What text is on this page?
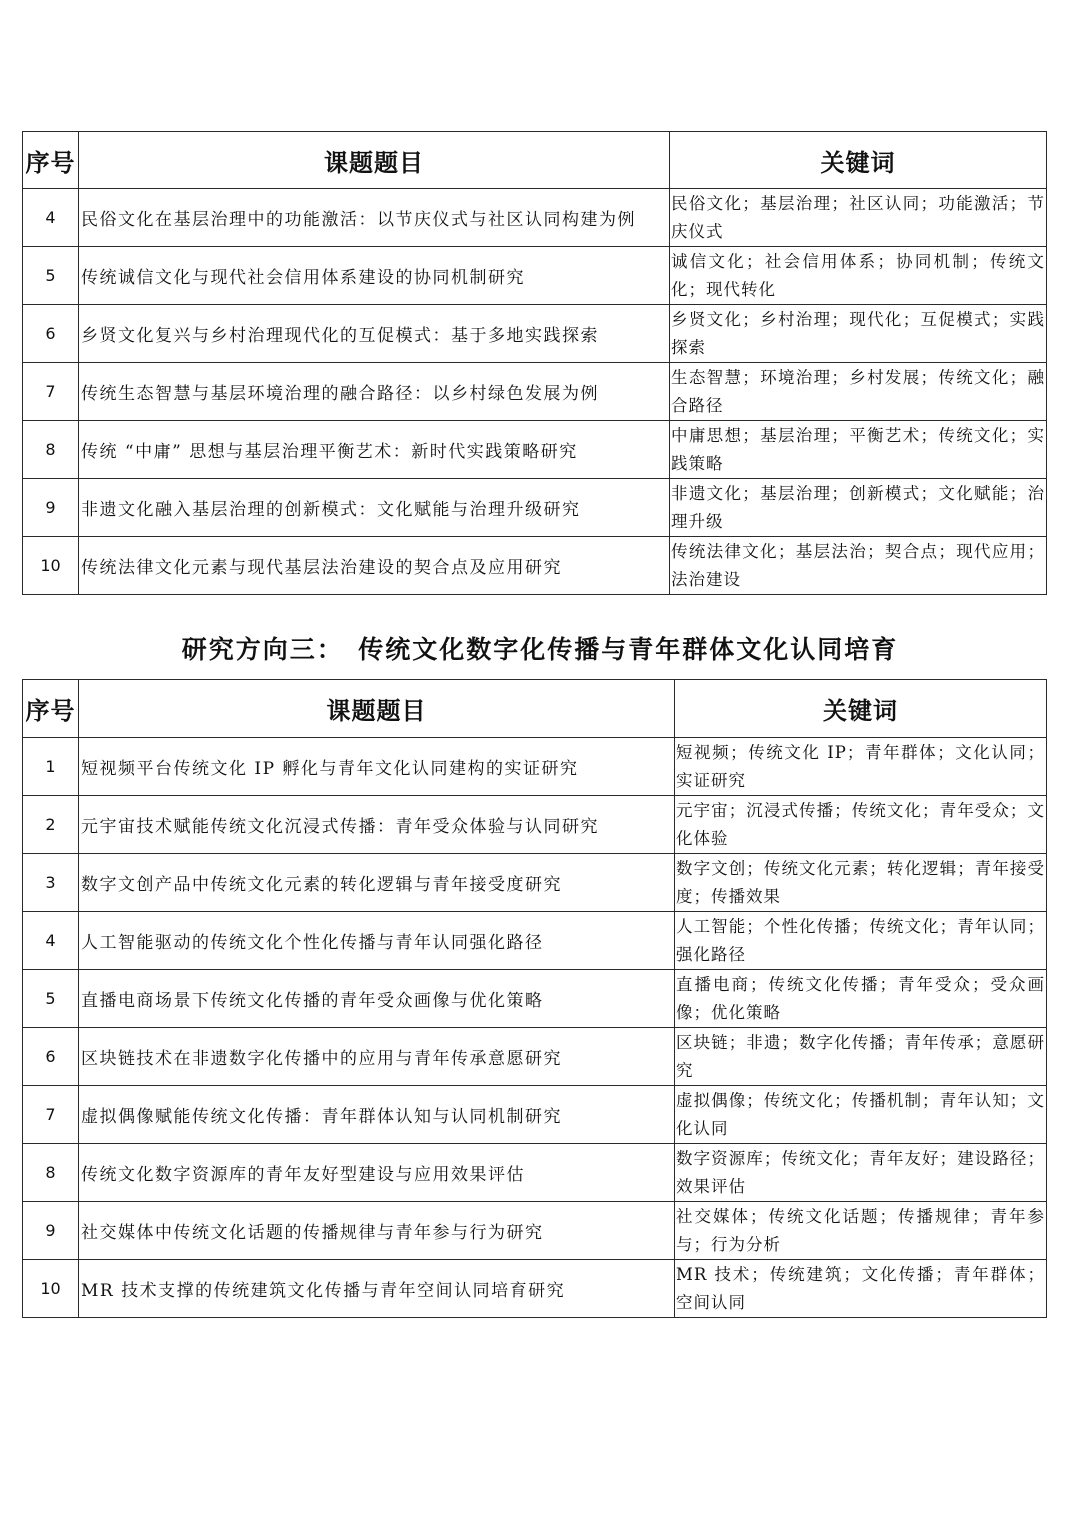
序号	课题题目	关键词
4	民俗文化在基层治理中的功能激活：以节庆仪式与社区认同构建为例	民俗文化；基层治理；社区认同；功能激活；节庆仪式
5	传统诚信文化与现代社会信用体系建设的协同机制研究	诚信文化；社会信用体系；协同机制；传统文化；现代转化
6	乡贤文化复兴与乡村治理现代化的互促模式：基于多地实践探索	乡贤文化；乡村治理；现代化；互促模式；实践探索
7	传统生态智慧与基层环境治理的融合路径：以乡村绿色发展为例	生态智慧；环境治理；乡村发展；传统文化；融合路径
8	传统 “中庸” 思想与基层治理平衡艺术：新时代实践策略研究	中庸思想；基层治理；平衡艺术；传统文化；实践策略
9	非遗文化融入基层治理的创新模式：文化赋能与治理升级研究	非遗文化；基层治理；创新模式；文化赋能；治理升级
10	传统法律文化元素与现代基层法治建设的契合点及应用研究	传统法律文化；基层法治；契合点；现代应用；法治建设
研究方向三：　传统文化数字化传播与青年群体文化认同培育
序号	课题题目	关键词
1	短视频平台传统文化 IP 孵化与青年文化认同建构的实证研究	短视频；传统文化 IP；青年群体；文化认同；实证研究
2	元宇宙技术赋能传统文化沉浸式传播：青年受众体验与认同研究	元宇宙；沉浸式传播；传统文化；青年受众；文化体验
3	数字文创产品中传统文化元素的转化逻辑与青年接受度研究	数字文创；传统文化元素；转化逻辑；青年接受度；传播效果
4	人工智能驱动的传统文化个性化传播与青年认同强化路径	人工智能；个性化传播；传统文化；青年认同；强化路径
5	直播电商场景下传统文化传播的青年受众画像与优化策略	直播电商；传统文化传播；青年受众；受众画像；优化策略
6	区块链技术在非遗数字化传播中的应用与青年传承意愿研究	区块链；非遗；数字化传播；青年传承；意愿研究
7	虚拟偶像赋能传统文化传播：青年群体认知与认同机制研究	虚拟偶像；传统文化；传播机制；青年认知；文化认同
8	传统文化数字资源库的青年友好型建设与应用效果评估	数字资源库；传统文化；青年友好；建设路径；效果评估
9	社交媒体中传统文化话题的传播规律与青年参与行为研究	社交媒体；传统文化话题；传播规律；青年参与；行为分析
10	MR 技术支撑的传统建筑文化传播与青年空间认同培育研究	MR 技术；传统建筑；文化传播；青年群体；空间认同
